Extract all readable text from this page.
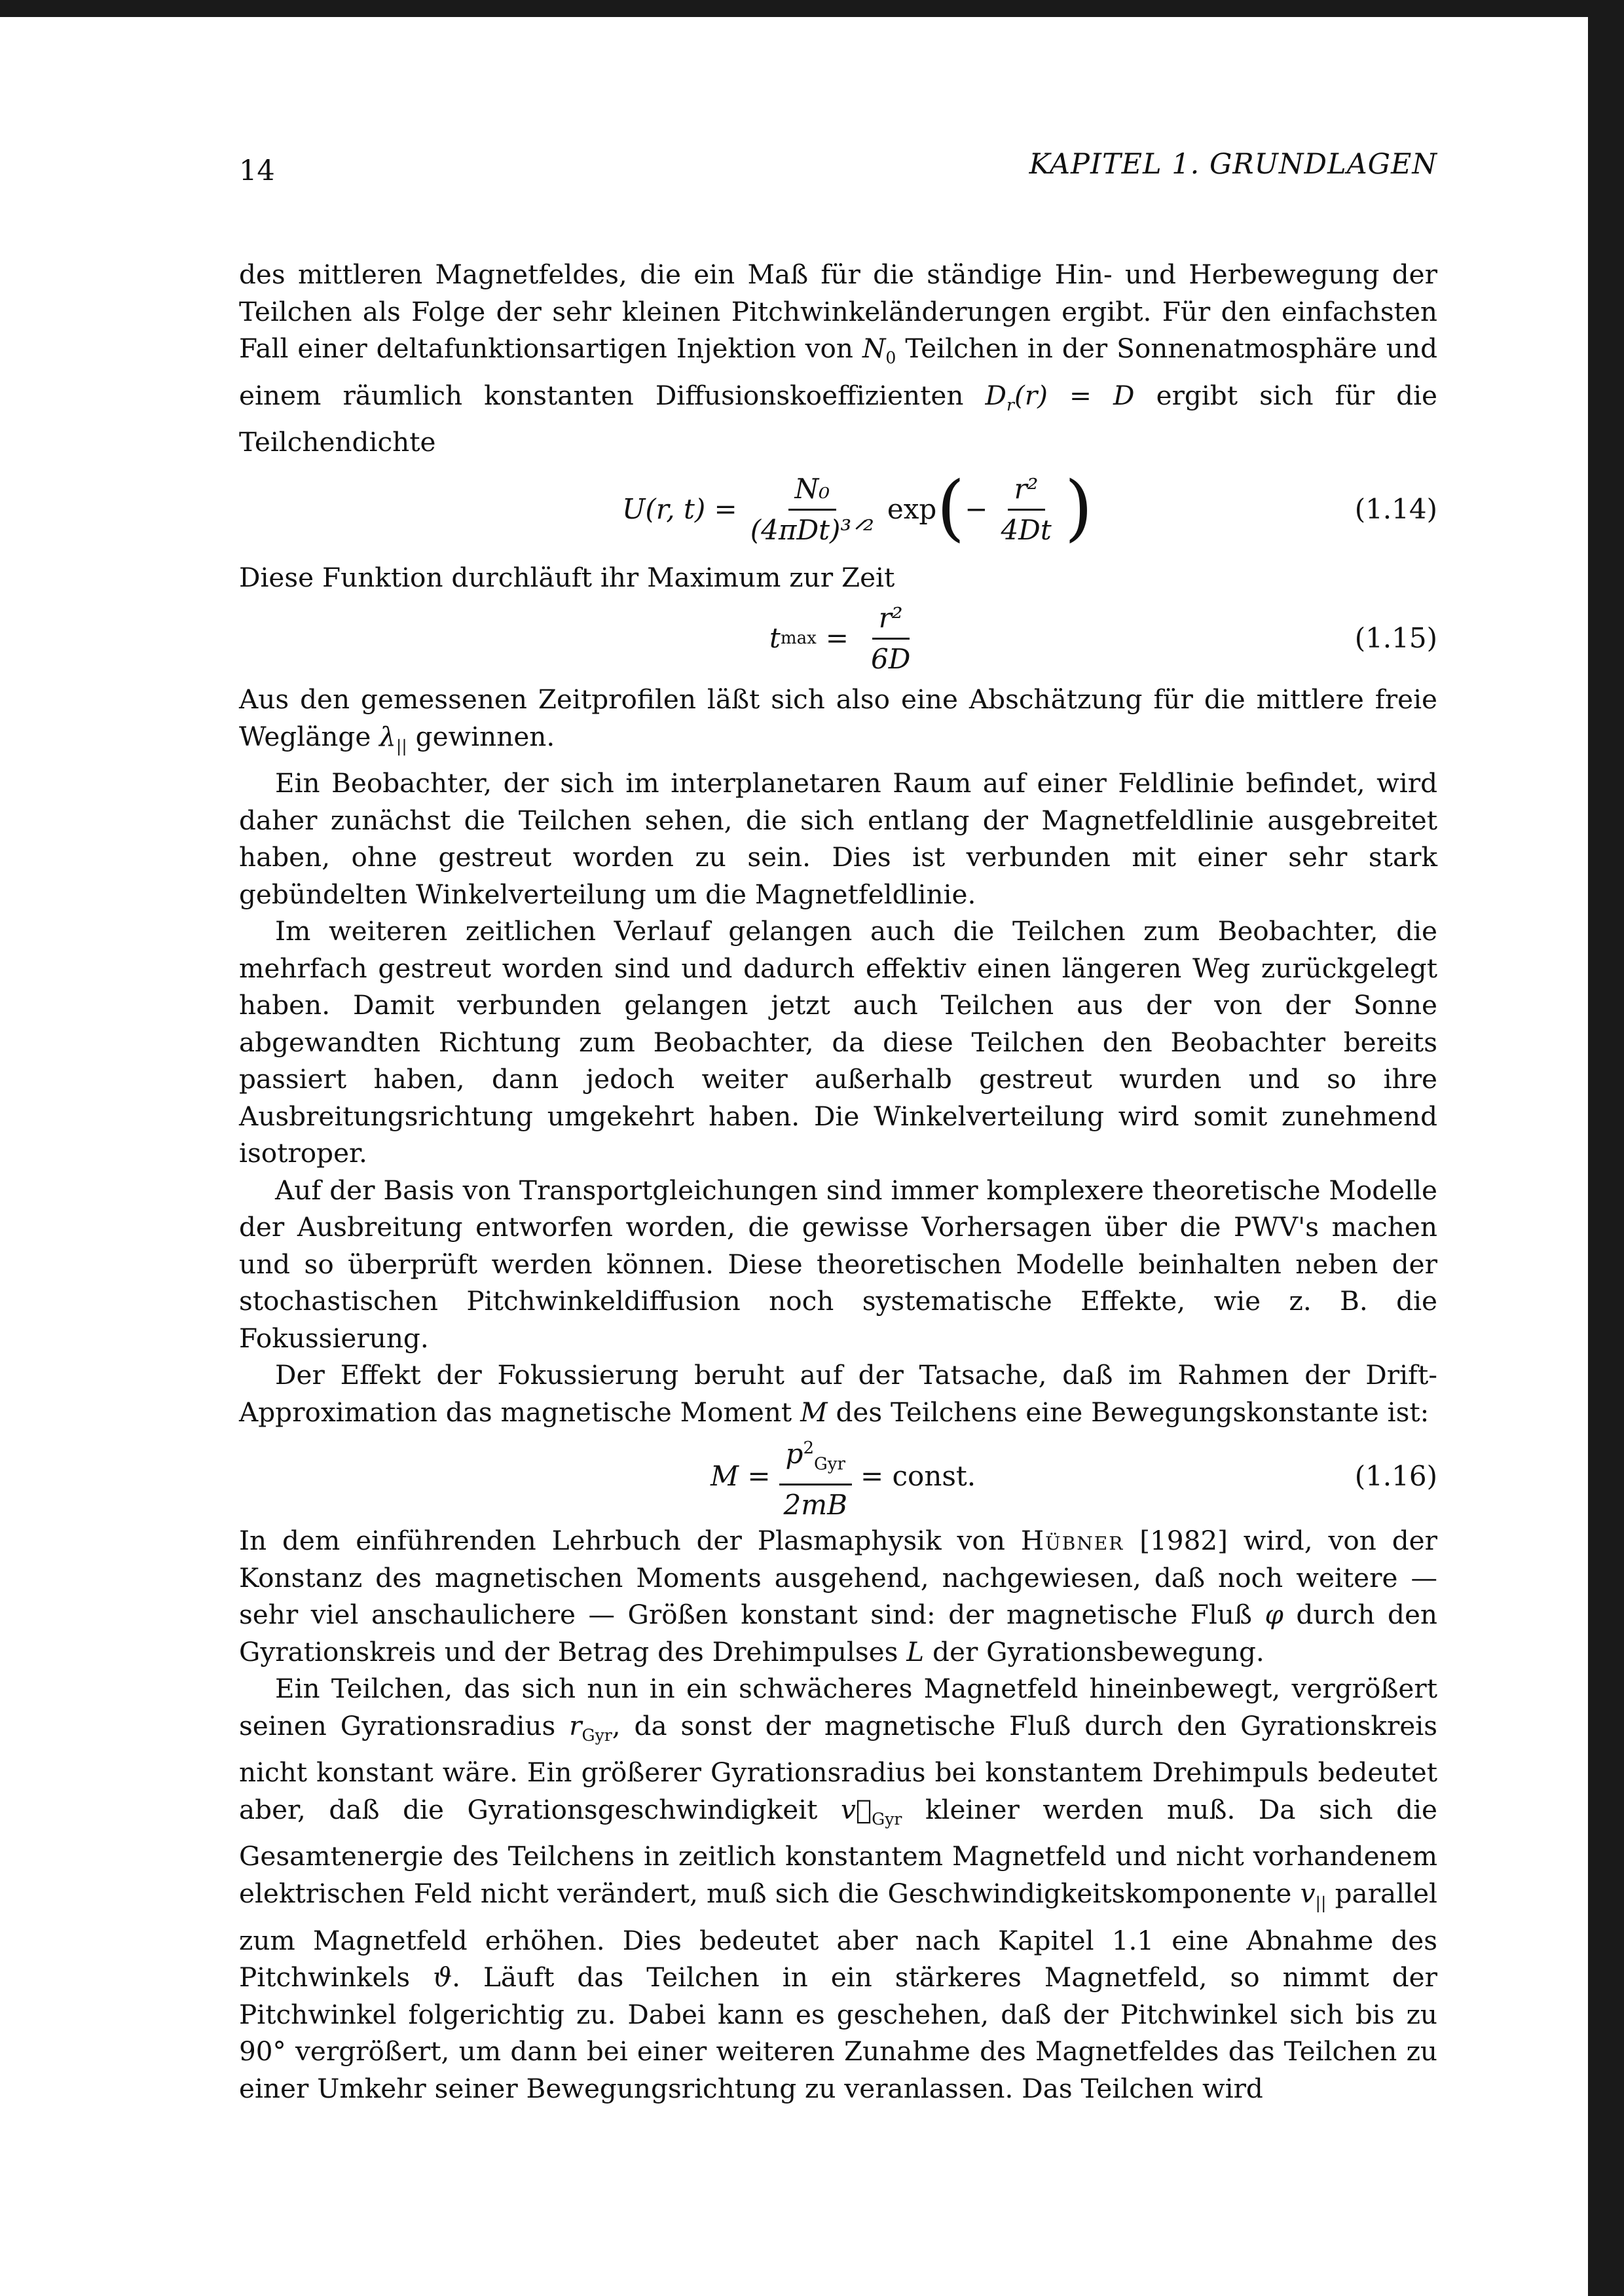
14	KAPITEL 1. GRUNDLAGEN

des mittleren Magnetfeldes, die ein Maß für die ständige Hin- und Herbewegung der Teilchen als Folge der sehr kleinen Pitchwinkeländerungen ergibt. Für den einfachsten Fall einer deltafunktionsartigen Injektion von $N_0$ Teilchen in der Sonnenatmosphäre und einem räumlich konstanten Diffusionskoeffizienten $D_r(r) = D$ ergibt sich für die Teilchendichte

U(r, $t) = \frac{\text{N₀}}{\text{(4πDt)³ᐟ²}}$ exp ( − $\frac{\text{r²}}{4Dt}$ )	(1.14)

Diese Funktion durchläuft ihr Maximum zur Zeit

t $\max = \frac{\text{r²}}{6D}$	(1.15)

Aus den gemessenen Zeitprofilen läßt sich also eine Abschätzung für die mittlere freie Weglänge $\lambda_{||}$ gewinnen.

Ein Beobachter, der sich im interplanetaren Raum auf einer Feldlinie befindet, wird daher zunächst die Teilchen sehen, die sich entlang der Magnetfeldlinie ausgebreitet haben, ohne gestreut worden zu sein. Dies ist verbunden mit einer sehr stark gebündelten Winkelverteilung um die Magnetfeldlinie.

Im weiteren zeitlichen Verlauf gelangen auch die Teilchen zum Beobachter, die mehrfach gestreut worden sind und dadurch effektiv einen längeren Weg zurückgelegt haben. Damit verbunden gelangen jetzt auch Teilchen aus der von der Sonne abgewandten Richtung zum Beobachter, da diese Teilchen den Beobachter bereits passiert haben, dann jedoch weiter außerhalb gestreut wurden und so ihre Ausbreitungsrichtung umgekehrt haben. Die Winkelverteilung wird somit zunehmend isotroper.

Auf der Basis von Transportgleichungen sind immer komplexere theoretische Modelle der Ausbreitung entworfen worden, die gewisse Vorhersagen über die PWV's machen und so überprüft werden können. Diese theoretischen Modelle beinhalten neben der stochastischen Pitchwinkeldiffusion noch systematische Effekte, wie z. B. die Fokussierung.

Der Effekt der Fokussierung beruht auf der Tatsache, daß im Rahmen der Drift-Approximation das magnetische Moment M des Teilchens eine Bewegungskonstante ist:

$M = \frac{p^2_{Gyr}}{2mB}$ = const.	(1.16)

In dem einführenden Lehrbuch der Plasmaphysik von Hübner [1982] wird, von der Konstanz des magnetischen Moments ausgehend, nachgewiesen, daß noch weitere — sehr viel anschaulichere — Größen konstant sind: der magnetische Fluß φ durch den Gyrationskreis und der Betrag des Drehimpulses L der Gyrationsbewegung.

Ein Teilchen, das sich nun in ein schwächeres Magnetfeld hineinbewegt, vergrößert seinen Gyrationsradius $r_{Gyr}$, da sonst der magnetische Fluß durch den Gyrationskreis nicht konstant wäre. Ein größerer Gyrationsradius bei konstantem Drehimpuls bedeutet aber, daß die Gyrationsgeschwindigkeit $v⃗_{Gyr}$ kleiner werden muß. Da sich die Gesamtenergie des Teilchens in zeitlich konstantem Magnetfeld und nicht vorhandenem elektrischen Feld nicht verändert, muß sich die Geschwindigkeitskomponente $v_{||}$ parallel zum Magnetfeld erhöhen. Dies bedeutet aber nach Kapitel 1.1 eine Abnahme des Pitchwinkels ϑ. Läuft das Teilchen in ein stärkeres Magnetfeld, so nimmt der Pitchwinkel folgerichtig zu. Dabei kann es geschehen, daß der Pitchwinkel sich bis zu 90° vergrößert, um dann bei einer weiteren Zunahme des Magnetfeldes das Teilchen zu einer Umkehr seiner Bewegungsrichtung zu veranlassen. Das Teilchen wird
